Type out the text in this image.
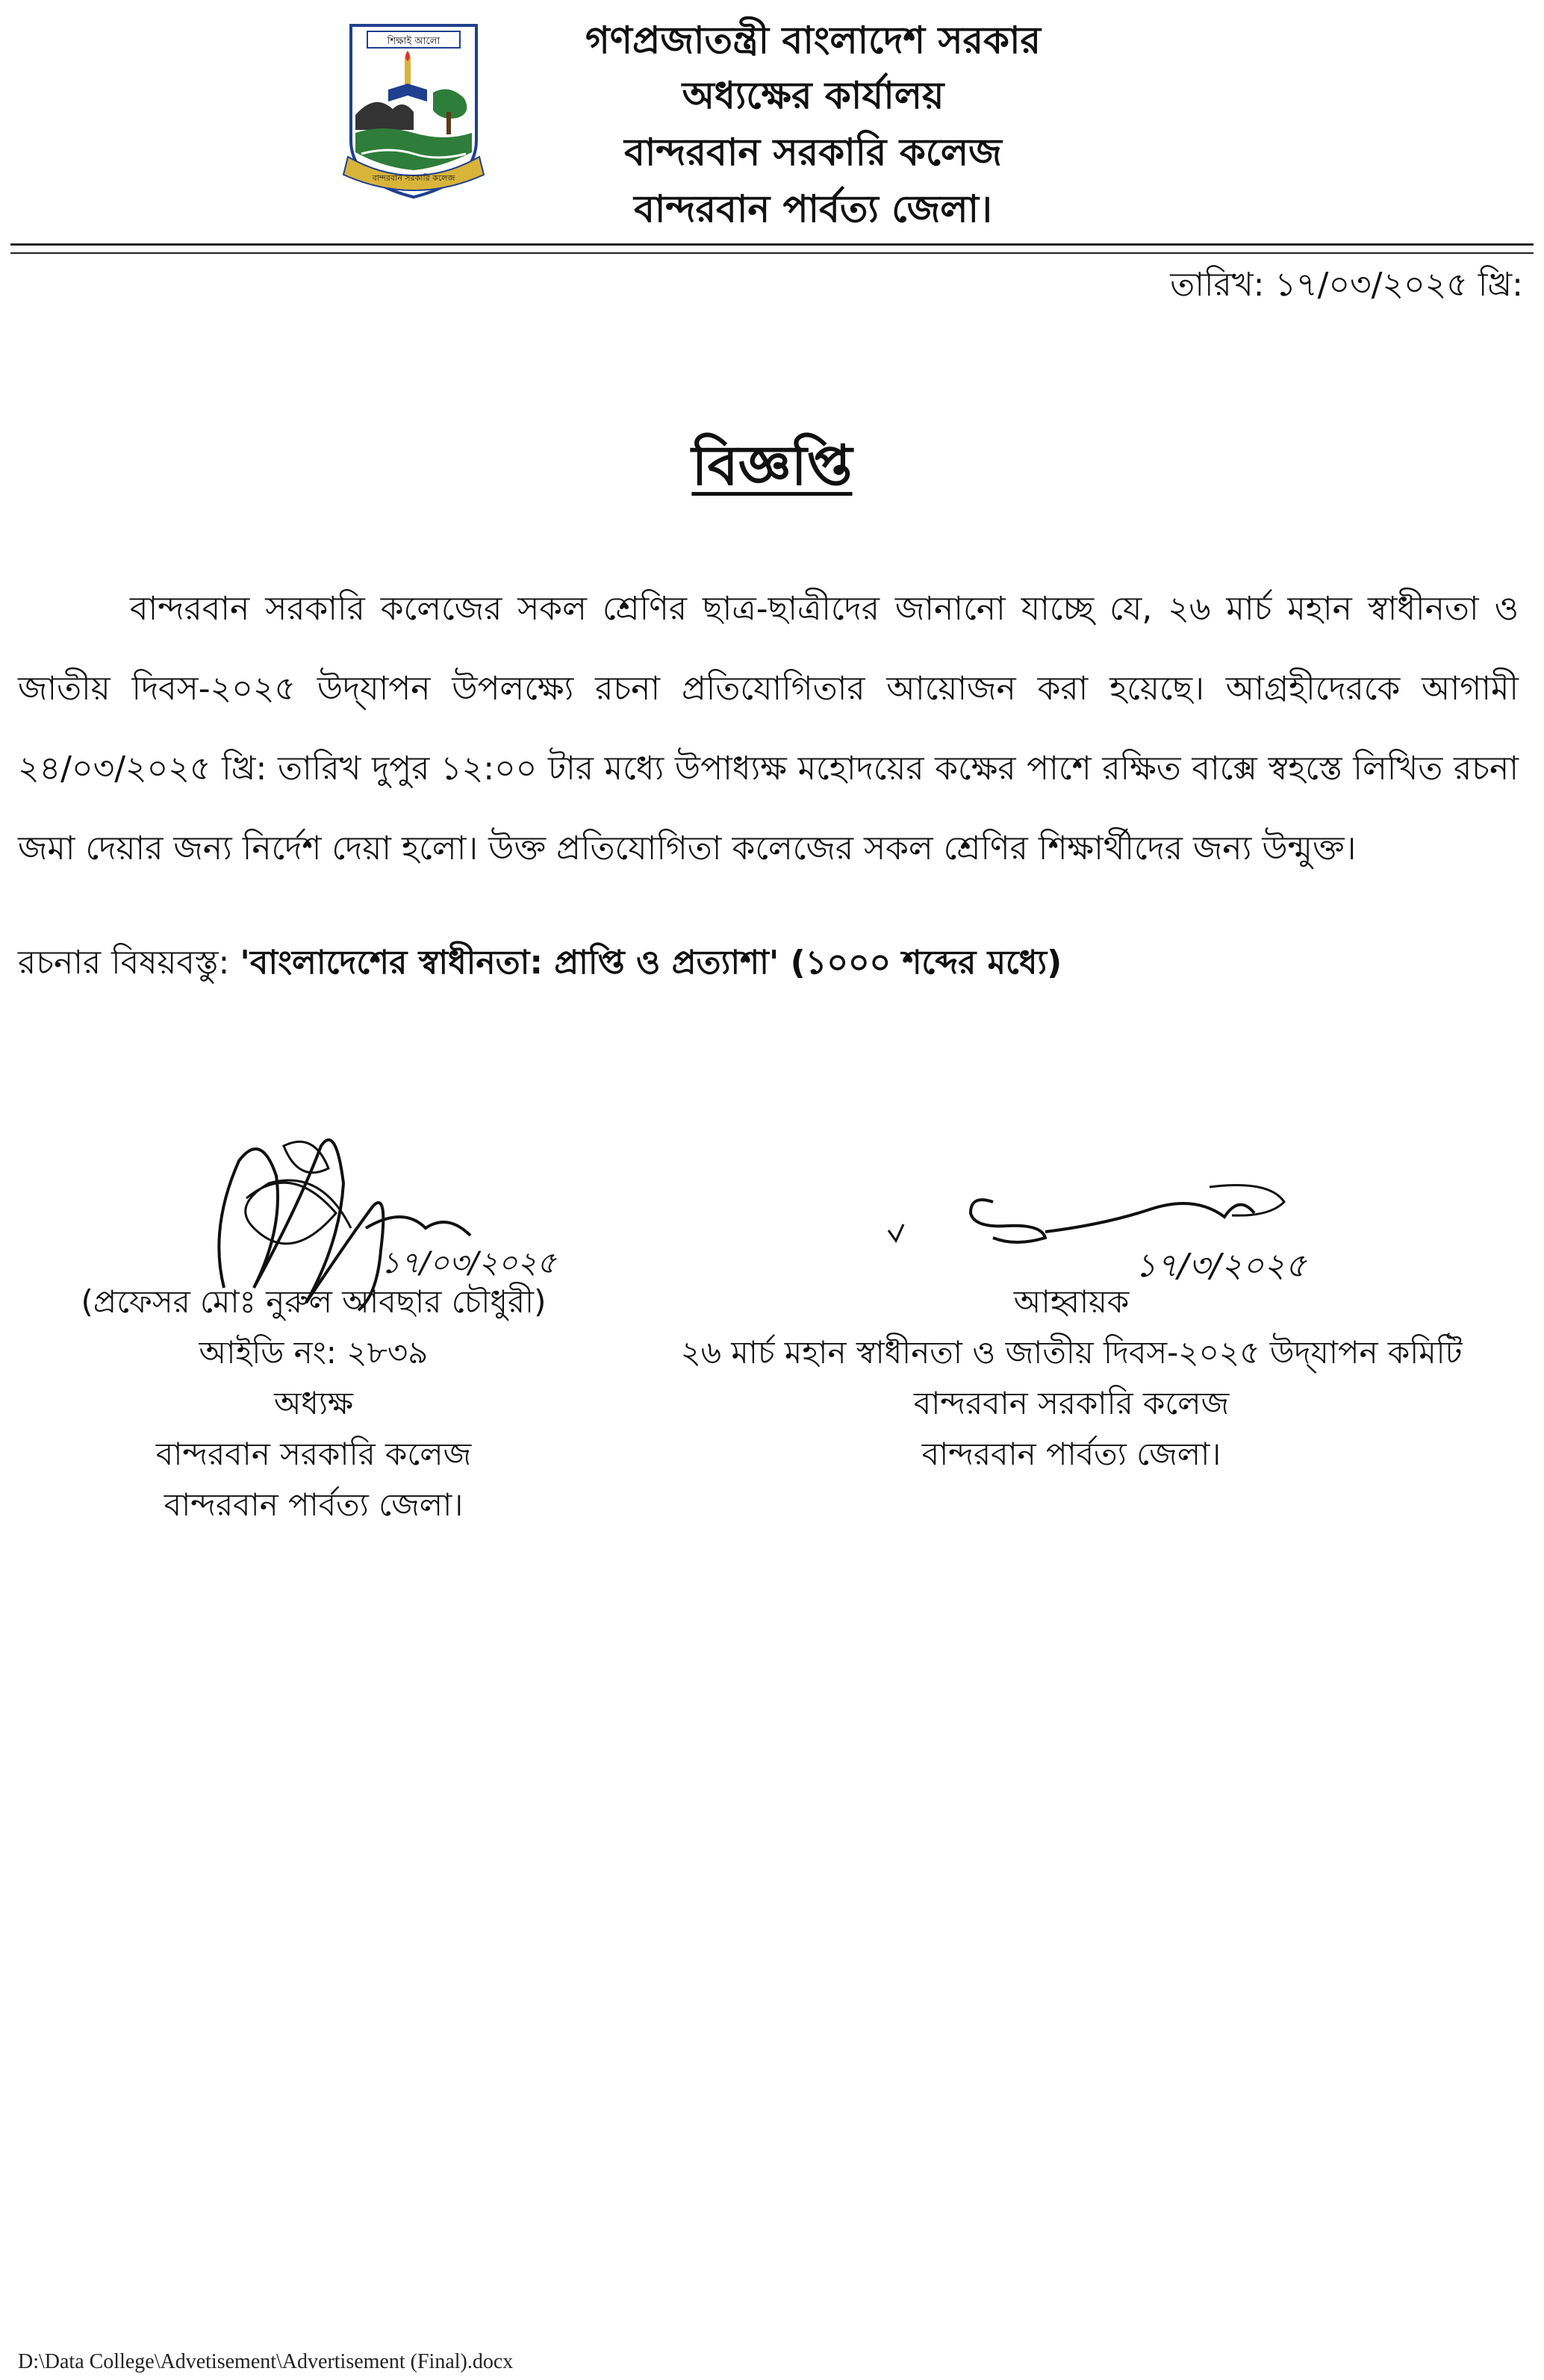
শিক্ষাই আলো
বান্দরবান সরকারি কলেজ
গণপ্রজাতন্ত্রী বাংলাদেশ সরকার
অধ্যক্ষের কার্যালয়
বান্দরবান সরকারি কলেজ
বান্দরবান পার্বত্য জেলা।
তারিখ: ১৭/০৩/২০২৫ খ্রি:
বিজ্ঞপ্তি
বান্দরবান সরকারি কলেজের সকল শ্রেণির ছাত্র-ছাত্রীদের জানানো যাচ্ছে যে, ২৬ মার্চ মহান স্বাধীনতা ও জাতীয় দিবস-২০২৫ উদ্‌যাপন উপলক্ষ্যে রচনা প্রতিযোগিতার আয়োজন করা হয়েছে। আগ্রহীদেরকে আগামী ২৪/০৩/২০২৫ খ্রি: তারিখ দুপুর ১২:০০ টার মধ্যে উপাধ্যক্ষ মহোদয়ের কক্ষের পাশে রক্ষিত বাক্সে স্বহস্তে লিখিত রচনা জমা দেয়ার জন্য নির্দেশ দেয়া হলো। উক্ত প্রতিযোগিতা কলেজের সকল শ্রেণির শিক্ষার্থীদের জন্য উন্মুক্ত।
রচনার বিষয়বস্তু: 'বাংলাদেশের স্বাধীনতা: প্রাপ্তি ও প্রত্যাশা' (১০০০ শব্দের মধ্যে)
১৭/০৩/২০২৫	১৭/৩/২০২৫
(প্রফেসর মোঃ নুরুল আবছার চৌধুরী)
আইডি নং: ২৮৩৯
অধ্যক্ষ
বান্দরবান সরকারি কলেজ
বান্দরবান পার্বত্য জেলা।
আহ্বায়ক
২৬ মার্চ মহান স্বাধীনতা ও জাতীয় দিবস-২০২৫ উদ্‌যাপন কমিটি
বান্দরবান সরকারি কলেজ
বান্দরবান পার্বত্য জেলা।
D:\Data College\Advetisement\Advertisement (Final).docx
